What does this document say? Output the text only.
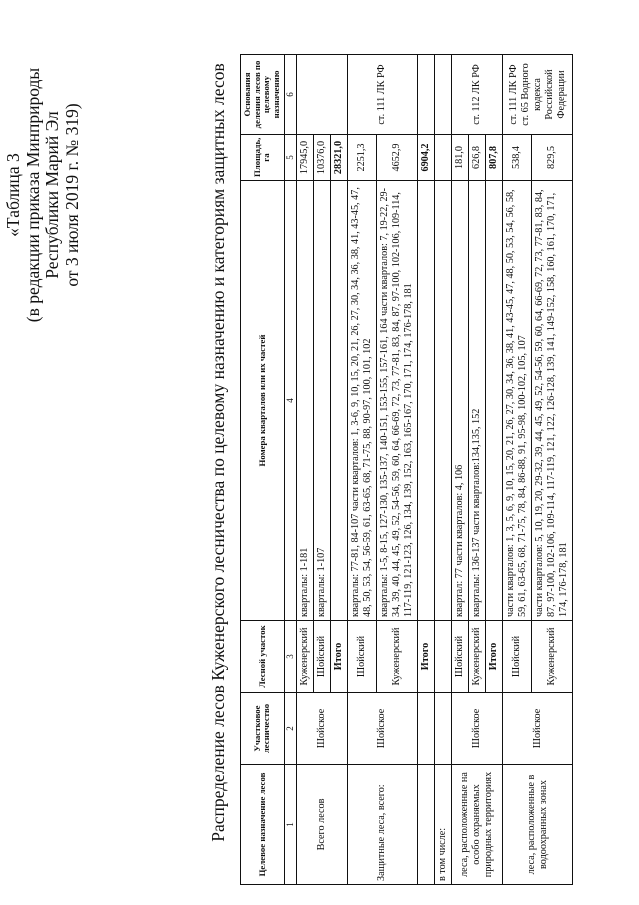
«Таблица 3 (в редакции приказа Минприроды Республики Марий Эл от 3 июля 2019 г. № 319)	Распределение лесов Куженерского лесничества по целевому назначению и категориям защитных лесов	Целевое назначение лесов	Участковое лесничество	Лесной участок	Номера кварталов или их частей	Площадь, га	Основания деления лесов по целевому назначению
1	2	3	4	5	6
Всего лесов	Шойское	Куженерский	кварталы: 1-181	17945,0	
		Шойский	кварталы: 1-107	10376,0	
		Итого		28321,0	
Защитные леса, всего:	Шойское	Шойский	кварталы: 77-81, 84-107 части кварталов: 1, 3-6, 9, 10, 15, 20, 21, 26, 27, 30, 34, 36, 38, 41, 43-45, 47, 48, 50, 53, 54, 56-59, 61, 63-65, 68, 71-75, 88, 90-97, 100, 101, 102	2251,3	ст. 111 ЛК РФ
		Куженерский	кварталы: 1-5, 8-15, 127-130, 135-137, 140-151, 153-155, 157-161, 164 части кварталов: 7, 19-22, 29-34, 39, 40, 44, 45, 49, 52, 54-56, 59, 60, 64, 66-69, 72, 73, 77-81, 83, 84, 87, 97-100, 102-106, 109-114, 117-119, 121-123, 126, 134, 139, 152, 163, 165-167, 170, 171, 174, 176-178, 181	4652,9	
		Итого		6904,2	
в том числе:					
леса, расположенные на особо охраняемых природных территориях	Шойское	Шойский	квартал: 77 части кварталов: 4, 106	181,0	ст. 112 ЛК РФ
		Куженерский	кварталы: 136-137 части кварталов:134,135, 152	626,8	
		Итого		807,8	
леса, расположенные в водоохранных зонах	Шойское	Шойский	части кварталов: 1, 3, 5, 6, 9, 10, 15, 20, 21, 26, 27, 30, 34, 36, 38, 41, 43-45, 47, 48, 50, 53, 54, 56, 58, 59, 61, 63-65, 68, 71-75, 78, 84, 86-88, 91, 95-98, 100-102, 105, 107	538,4	ст. 111 ЛК РФ ст. 65 Водного кодекса Российской Федерации
		Куженерский	части кварталов: 5, 10, 19, 20, 29-32, 39, 44, 45, 49, 52, 54-56, 59, 60, 64, 66-69, 72, 73, 77-81, 83, 84, 87, 97-100, 102-106, 109-114, 117-119, 121, 122, 126-128, 139, 141, 149-152, 158, 160, 161, 170, 171, 174, 176-178, 181	829,5	
